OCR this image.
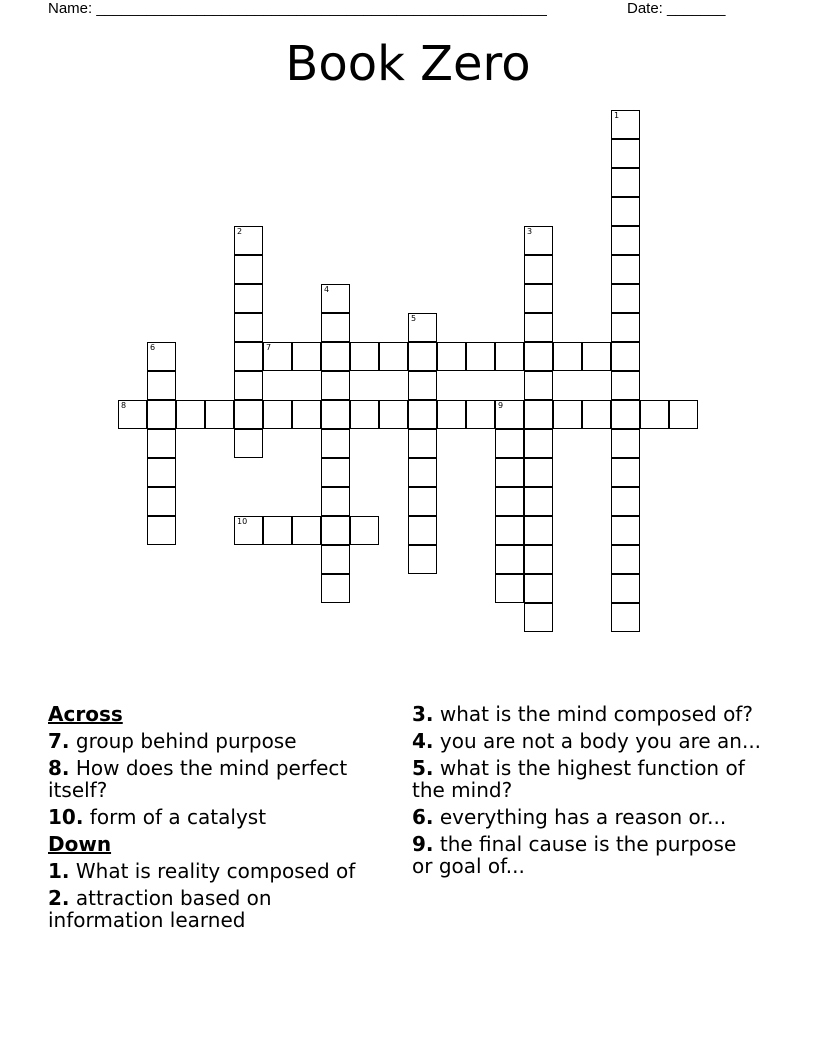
Name: ______________________________________________________	Date: _______
Book Zero
1
2	3
4
5
6	7
8	9
10
Across
7. group behind purpose
8. How does the mind perfect itself?
10. form of a catalyst
Down
1. What is reality composed of
2. attraction based on information learned
3. what is the mind composed of?
4. you are not a body you are an...
5. what is the highest function of the mind?
6. everything has a reason or...
9. the final cause is the purpose or goal of...
